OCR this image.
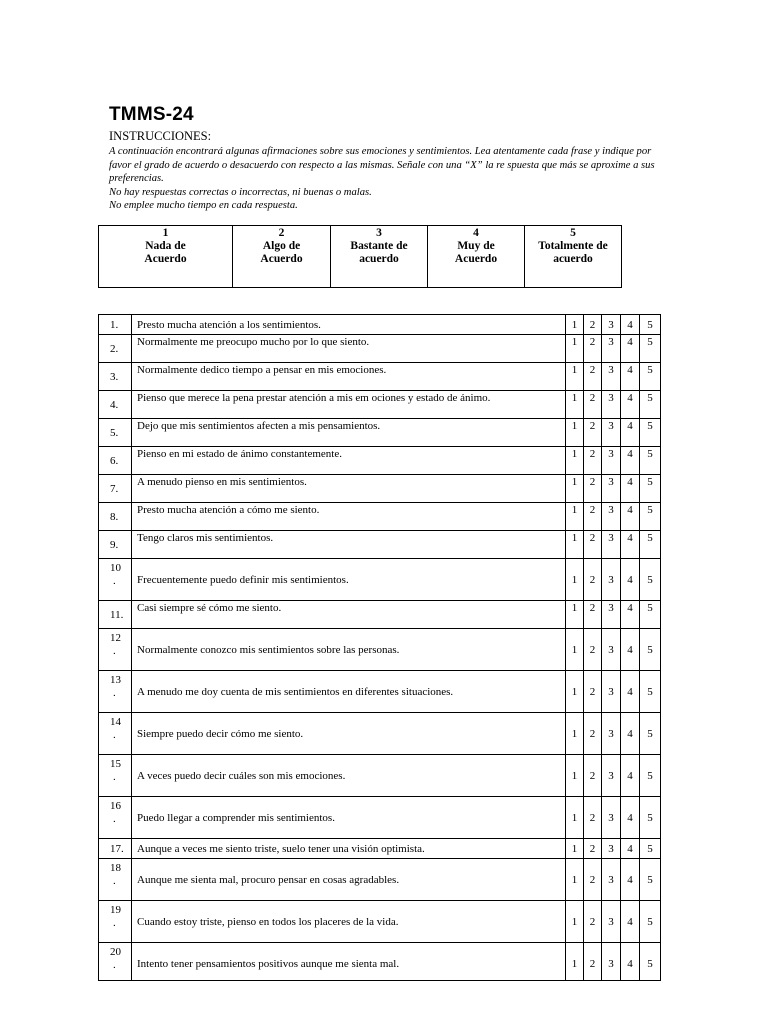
TMMS-24
INSTRUCCIONES:

A continuación encontrará algunas afirmaciones sobre sus emociones y sentimientos. Lea atentamente cada frase y indique por favor el grado de acuerdo o desacuerdo con respecto a las mismas. Señale con una “X” la re spuesta que más se aproxime a sus preferencias.

No hay respuestas correctas o incorrectas, ni buenas o malas.

No emplee mucho tiempo en cada respuesta.

1
Nada de
Acuerdo

2
Algo de
Acuerdo

3
Bastante de
acuerdo

4
Muy de
Acuerdo

5
Totalmente de
acuerdo
1.	Presto mucha atención a los sentimientos.	1	2	3	4	5
2.	Normalmente me preocupo mucho por lo que siento.	1	2	3	4	5
3.	Normalmente dedico tiempo a pensar en mis emociones.	1	2	3	4	5
4.	Pienso que merece la pena prestar atención a mis em ociones y estado de ánimo.	1	2	3	4	5
5.	Dejo que mis sentimientos afecten a mis pensamientos.	1	2	3	4	5
6.	Pienso en mi estado de ánimo constantemente.	1	2	3	4	5
7.	A menudo pienso en mis sentimientos.	1	2	3	4	5
8.	Presto mucha atención a cómo me siento.	1	2	3	4	5
9.	Tengo claros mis sentimientos.	1	2	3	4	5
10
.	Frecuentemente puedo definir mis sentimientos.	1	2	3	4	5
11.	Casi siempre sé cómo me siento.	1	2	3	4	5
12
.	Normalmente conozco mis sentimientos sobre las personas.	1	2	3	4	5
13
.	A menudo me doy cuenta de mis sentimientos en diferentes situaciones.	1	2	3	4	5
14
.	Siempre puedo decir cómo me siento.	1	2	3	4	5
15
.	A veces puedo decir cuáles son mis emociones.	1	2	3	4	5
16
.	Puedo llegar a comprender mis sentimientos.	1	2	3	4	5
17.	Aunque a veces me siento triste, suelo tener una visión optimista.	1	2	3	4	5
18
.	Aunque me sienta mal, procuro pensar en cosas agradables.	1	2	3	4	5
19
.	Cuando estoy triste, pienso en todos los placeres de la vida.	1	2	3	4	5
20
.	Intento tener pensamientos positivos aunque me sienta mal.	1	2	3	4	5
